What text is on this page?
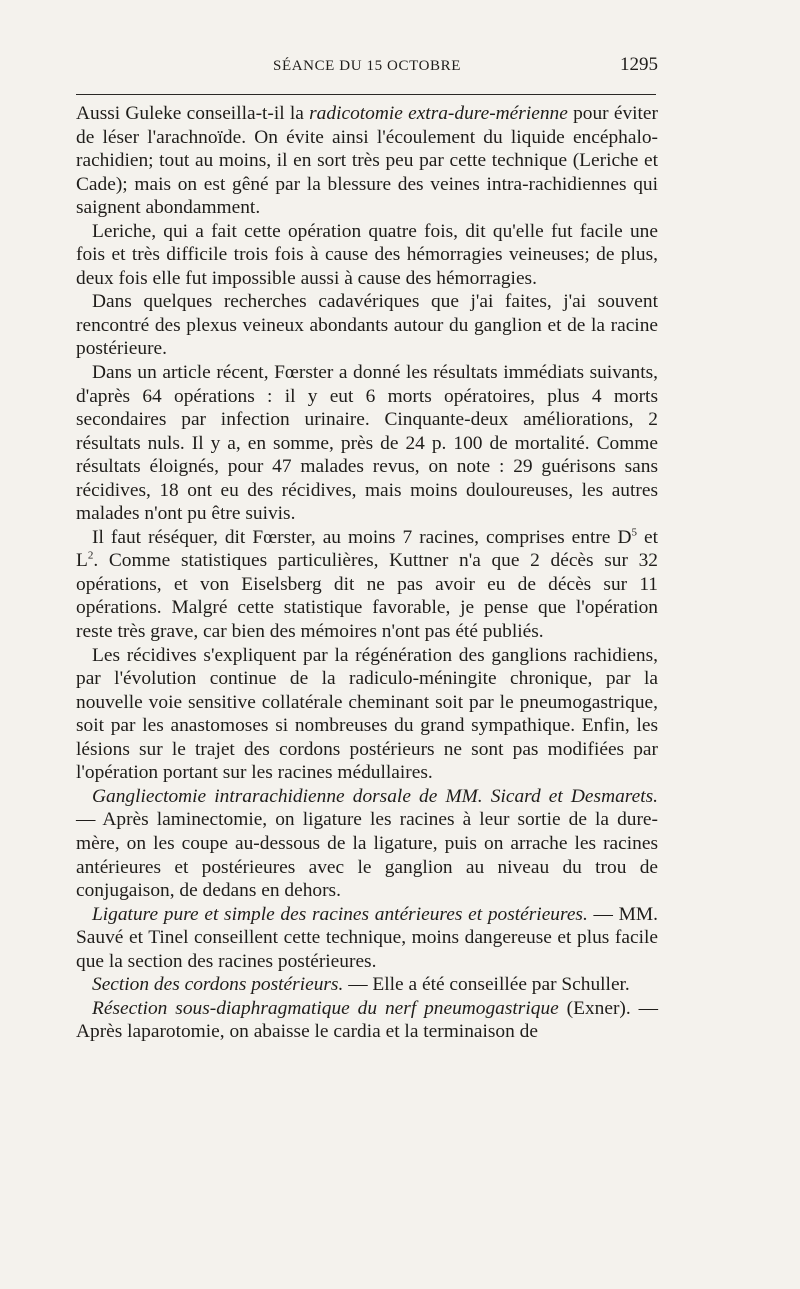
SÉANCE DU 15 OCTOBRE	1295

Aussi Guleke conseilla-t-il la radicotomie extra-dure-mérienne pour éviter de léser l'arachnoïde. On évite ainsi l'écoulement du liquide encéphalo-rachidien; tout au moins, il en sort très peu par cette technique (Leriche et Cade); mais on est gêné par la blessure des veines intra-rachidiennes qui saignent abondamment.

Leriche, qui a fait cette opération quatre fois, dit qu'elle fut facile une fois et très difficile trois fois à cause des hémorragies veineuses; de plus, deux fois elle fut impossible aussi à cause des hémorragies.

Dans quelques recherches cadavériques que j'ai faites, j'ai souvent rencontré des plexus veineux abondants autour du ganglion et de la racine postérieure.

Dans un article récent, Fœrster a donné les résultats immédiats suivants, d'après 64 opérations : il y eut 6 morts opératoires, plus 4 morts secondaires par infection urinaire. Cinquante-deux améliorations, 2 résultats nuls. Il y a, en somme, près de 24 p. 100 de mortalité. Comme résultats éloignés, pour 47 malades revus, on note : 29 guérisons sans récidives, 18 ont eu des récidives, mais moins douloureuses, les autres malades n'ont pu être suivis.

Il faut réséquer, dit Fœrster, au moins 7 racines, comprises entre $D^5$ et $L^2$. Comme statistiques particulières, Kuttner n'a que 2 décès sur 32 opérations, et von Eiselsberg dit ne pas avoir eu de décès sur 11 opérations. Malgré cette statistique favorable, je pense que l'opération reste très grave, car bien des mémoires n'ont pas été publiés.

Les récidives s'expliquent par la régénération des ganglions rachidiens, par l'évolution continue de la radiculo-méningite chronique, par la nouvelle voie sensitive collatérale cheminant soit par le pneumogastrique, soit par les anastomoses si nombreuses du grand sympathique. Enfin, les lésions sur le trajet des cordons postérieurs ne sont pas modifiées par l'opération portant sur les racines médullaires.

Gangliectomie intrarachidienne dorsale de MM. Sicard et Desmarets. — Après laminectomie, on ligature les racines à leur sortie de la dure-mère, on les coupe au-dessous de la ligature, puis on arrache les racines antérieures et postérieures avec le ganglion au niveau du trou de conjugaison, de dedans en dehors.

Ligature pure et simple des racines antérieures et postérieures. — MM. Sauvé et Tinel conseillent cette technique, moins dangereuse et plus facile que la section des racines postérieures.

Section des cordons postérieurs. — Elle a été conseillée par Schuller.

Résection sous-diaphragmatique du nerf pneumogastrique (Exner). — Après laparotomie, on abaisse le cardia et la terminaison de
